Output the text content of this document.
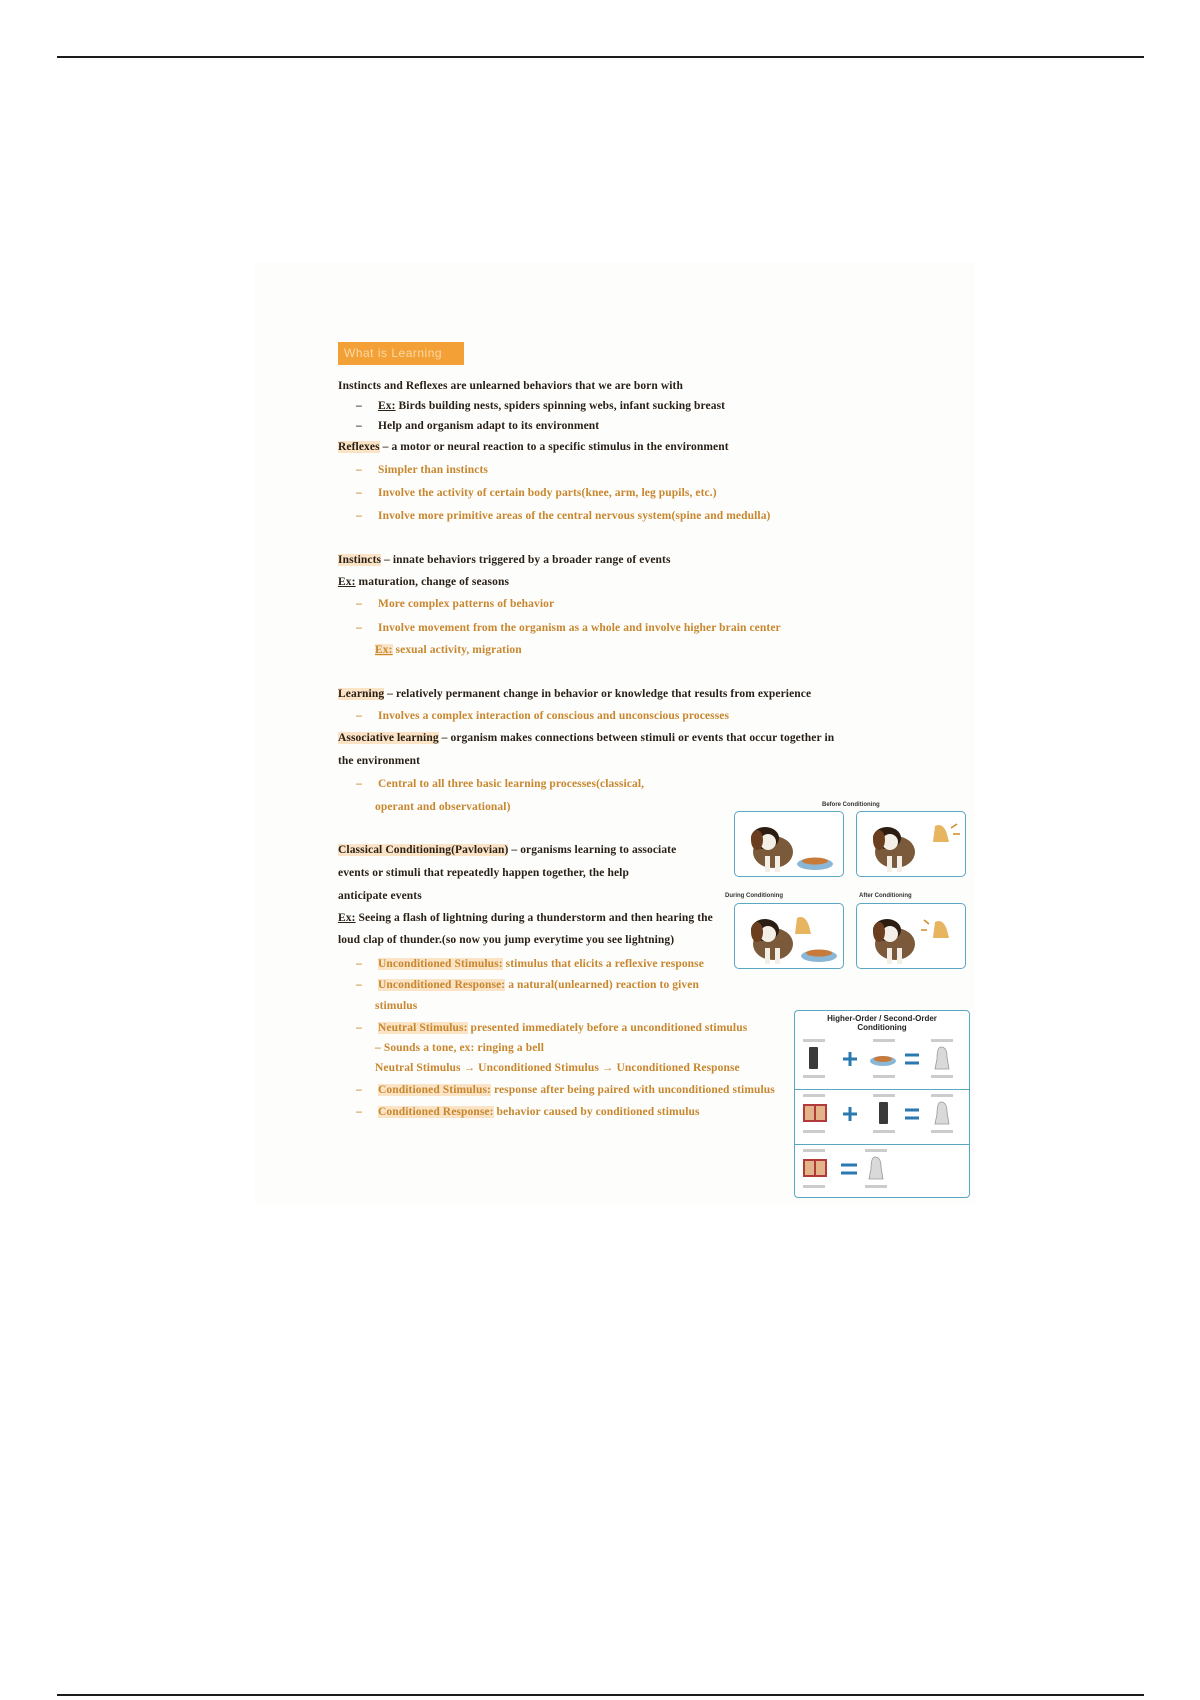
What is Learning
Instincts and Reflexes are unlearned behaviors that we are born with
– Ex: Birds building nests, spiders spinning webs, infant sucking breast
– Help and organism adapt to its environment
Reflexes – a motor or neural reaction to a specific stimulus in the environment
– Simpler than instincts
– Involve the activity of certain body parts(knee, arm, leg pupils, etc.)
– Involve more primitive areas of the central nervous system(spine and medulla)
Instincts – innate behaviors triggered by a broader range of events
Ex: maturation, change of seasons
– More complex patterns of behavior
– Involve movement from the organism as a whole and involve higher brain center
Ex: sexual activity, migration
Learning – relatively permanent change in behavior or knowledge that results from experience
– Involves a complex interaction of conscious and unconscious processes
Associative learning – organism makes connections between stimuli or events that occur together in
the environment
– Central to all three basic learning processes(classical,
operant and observational)
Classical Conditioning(Pavlovian) – organisms learning to associate
events or stimuli that repeatedly happen together, the help
anticipate events
Ex: Seeing a flash of lightning during a thunderstorm and then hearing the
loud clap of thunder.(so now you jump everytime you see lightning)
– Unconditioned Stimulus: stimulus that elicits a reflexive response
– Unconditioned Response: a natural(unlearned) reaction to given
stimulus
– Neutral Stimulus: presented immediately before a unconditioned stimulus
– Sounds a tone, ex: ringing a bell
Neutral Stimulus → Unconditioned Stimulus → Unconditioned Response
– Conditioned Stimulus: response after being paired with unconditioned stimulus
– Conditioned Response: behavior caused by conditioned stimulus
Before Conditioning
During Conditioning	After Conditioning
Higher-Order / Second-Order
Conditioning
